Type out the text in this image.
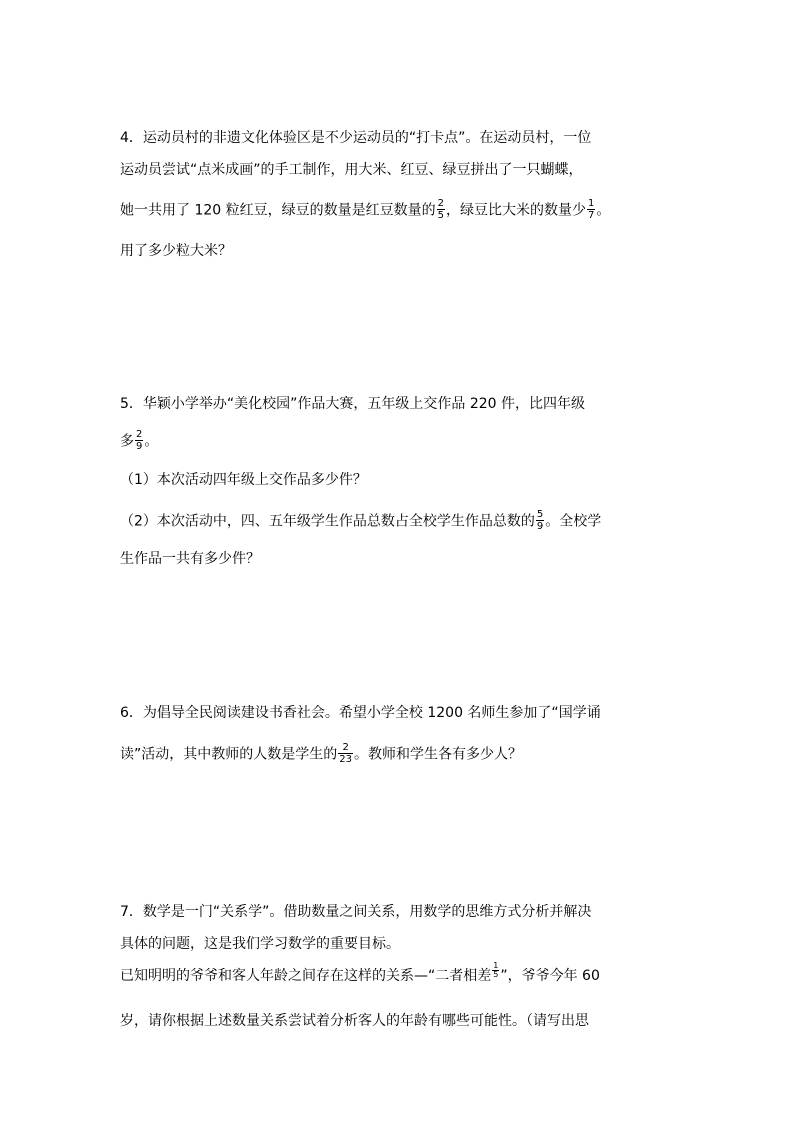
4．运动员村的非遗文化体验区是不少运动员的“打卡点”。在运动员村，一位
运动员尝试“点米成画”的手工制作，用大米、红豆、绿豆拼出了一只蝴蝶，
她一共用了 120 粒红豆，绿豆的数量是红豆数量的 $\frac{2}{5}$ ，绿豆比大米的数量少 $\frac{1}{7}$ 。
用了多少粒大米？
5．华颖小学举办“美化校园”作品大赛，五年级上交作品 220 件，比四年级
多 $\frac{2}{9}$ 。
（1）本次活动四年级上交作品多少件？
（2）本次活动中，四、五年级学生作品总数占全校学生作品总数的 $\frac{5}{9}$ 。全校学
生作品一共有多少件？
6．为倡导全民阅读建设书香社会。希望小学全校 1200 名师生参加了“国学诵
读”活动，其中教师的人数是学生的 $\frac{2}{23}$ 。教师和学生各有多少人？
7．数学是一门“关系学”。借助数量之间关系，用数学的思维方式分析并解决
具体的问题，这是我们学习数学的重要目标。
已知明明的爷爷和客人年龄之间存在这样的关系—“二者相差 $\frac{1}{5}$ ”，爷爷今年 60
岁，请你根据上述数量关系尝试着分析客人的年龄有哪些可能性。（请写出思
